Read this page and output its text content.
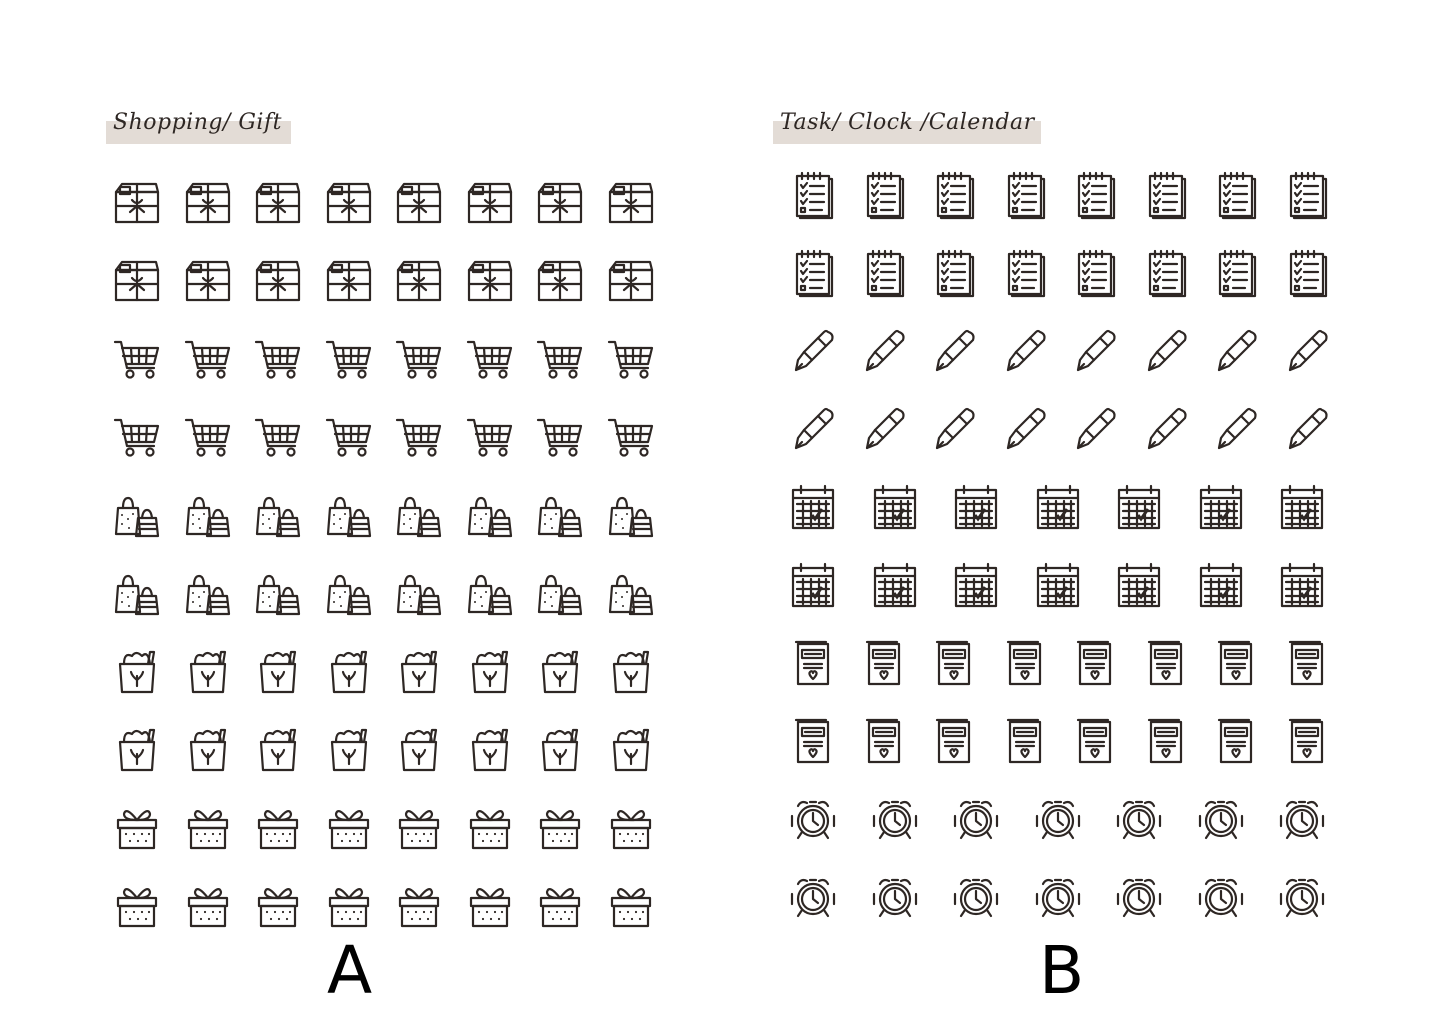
Shopping/ Gift
A
Task/ Clock /Calendar
B
